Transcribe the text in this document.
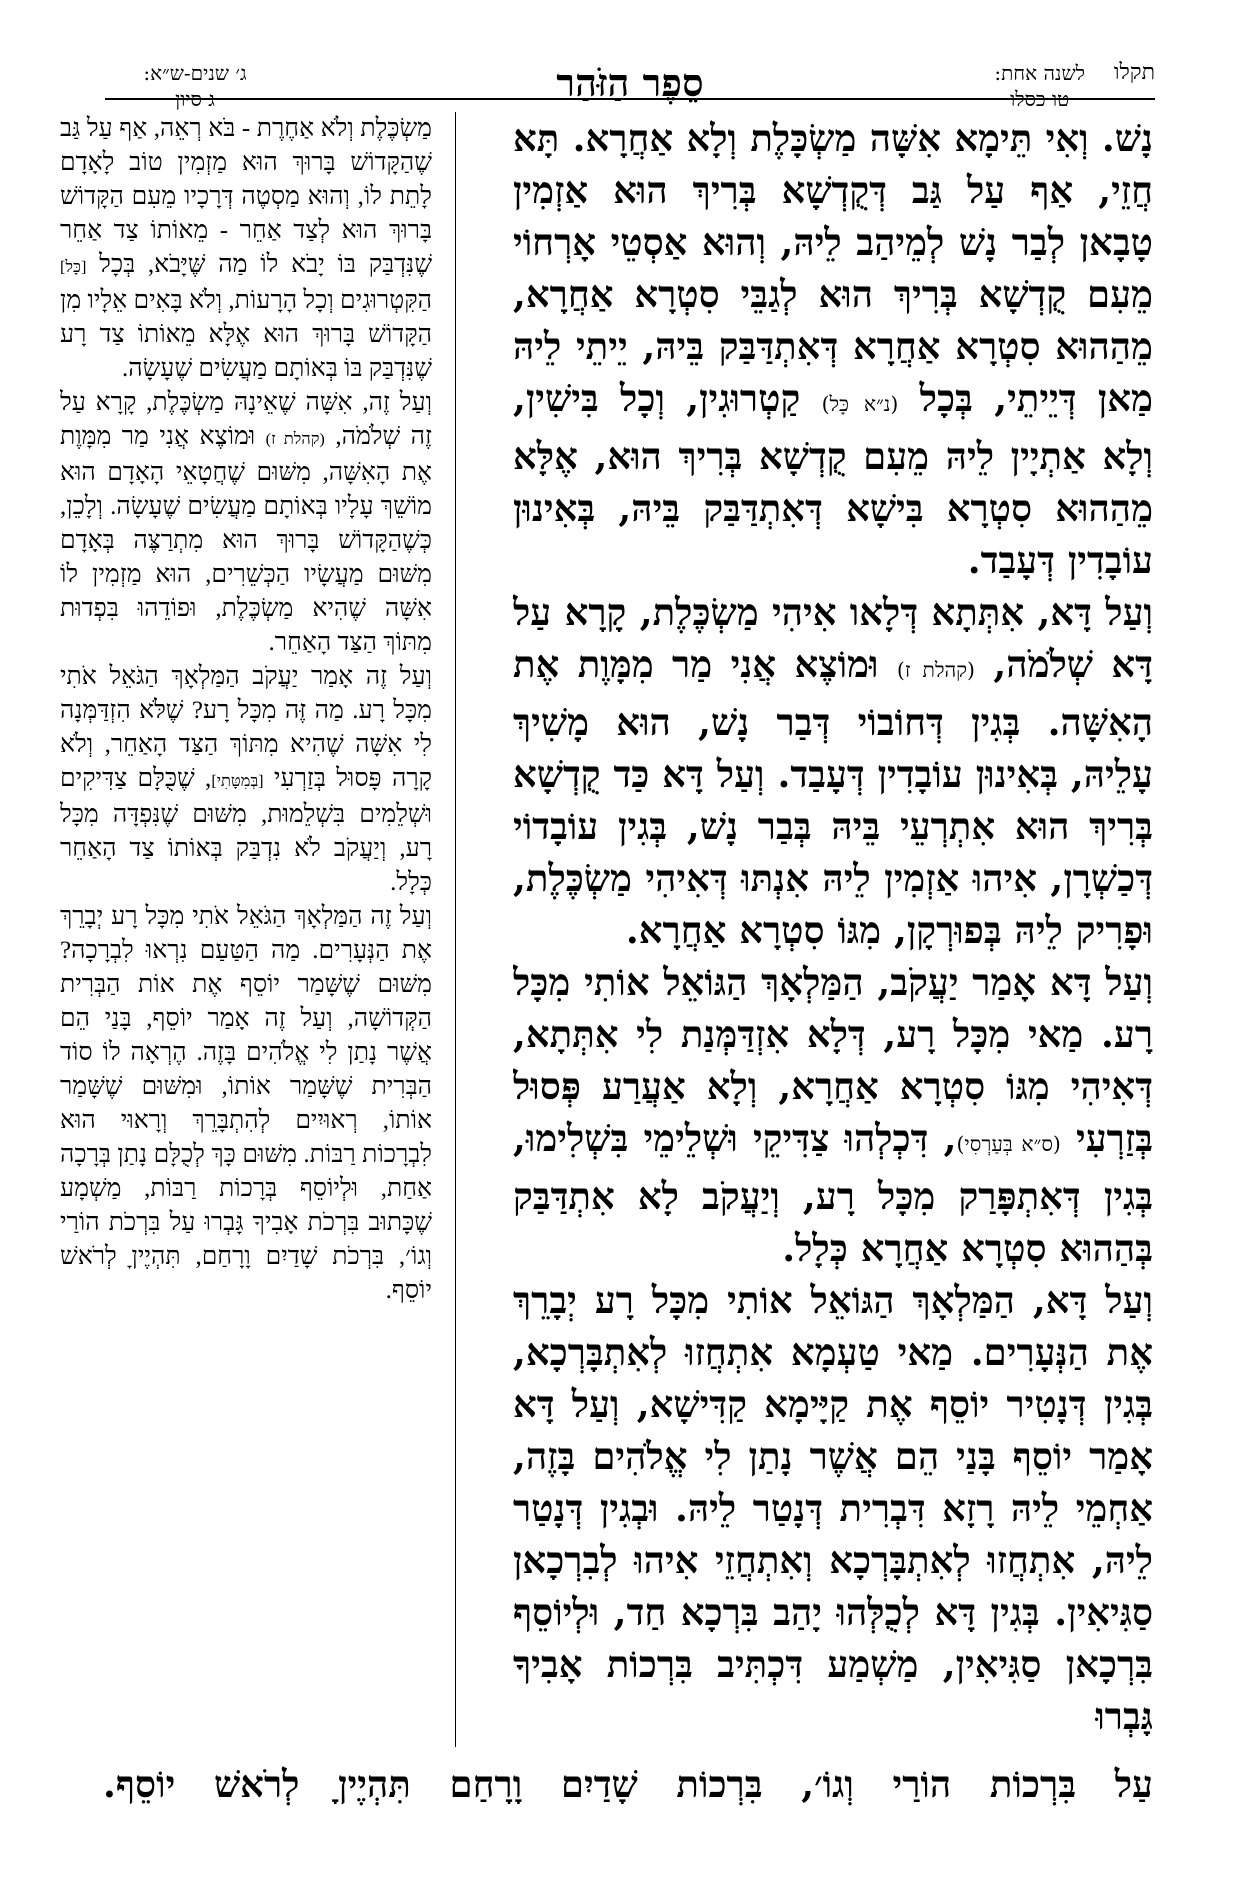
תקלו
לשנה אחת:
טו כסלו
סֵפֶר הַזֹּהַר
ג׳ שנים-ש״א:
ג סיון

נָשׁ. וְאִי תֵּימָא אִשָּׁה מַשְׂכָּלֶת וְלָא אַחֲרָא. תָּא חֲזֵי, אַף עַל גַּב דְּקֻדְשָׁא בְּרִיךְ הוּא אַזְמִין טָבָאן לְבַר נָשׁ לְמֵיהַב לֵיהּ, וְהוּא אַסְטֵי אָרְחוֹי מֵעִם קֻדְשָׁא בְּרִיךְ הוּא לְגַבֵּי סִטְרָא אַחֲרָא, מֵהַהוּא סִטְרָא אַחֲרָא דְּאִתְדַּבַּק בֵּיהּ, יֵיתֵי לֵיהּ מַאן דְּיֵיתֵי, בְּכָל (נ״א כָּל) קַטְרוּגִין, וְכָל בִּישִׁין, וְלָא אַתְיָין לֵיהּ מֵעִם קֻדְשָׁא בְּרִיךְ הוּא, אֶלָּא מֵהַהוּא סִטְרָא בִּישָׁא דְּאִתְדַּבַּק בֵּיהּ, בְּאִינוּן עוֹבָדִין דְּעָבַד.

וְעַל דָּא, אִתְּתָא דְּלָאו אִיהִי מַשְׂכֶּלֶת, קָרָא עַל דָּא שְׁלֹמֹה, (קהלת ז) וּמוֹצֶא אֲנִי מַר מִמָּוֶת אֶת הָאִשָּׁה. בְּגִין דְּחוֹבוֹי דְּבַר נָשׁ, הוּא מָשִׁיךְ עָלֵיהּ, בְּאִינוּן עוֹבָדִין דְּעָבַד. וְעַל דָּא כַּד קֻדְשָׁא בְּרִיךְ הוּא אִתְרְעֵי בֵּיהּ בְּבַר נָשׁ, בְּגִין עוֹבָדוֹי דְּכַשְׁרָן, אִיהוּ אַזְמִין לֵיהּ אִנְתּוּ דְּאִיהִי מַשְׂכֶּלֶת, וּפָרִיק לֵיהּ בְּפוּרְקָן, מִגּוֹ סִטְרָא אַחֲרָא.

וְעַל דָּא אָמַר יַעֲקֹב, הַמַּלְאָךְ הַגּוֹאֵל אוֹתִי מִכָּל רָע. מַאי מִכָּל רָע, דְּלָא אִזְדַּמְּנַת לִי אִתְּתָא, דְּאִיהִי מִגּוֹ סִטְרָא אַחֲרָא, וְלָא אַעֲרַע פְּסוּל בְּזַרְעִי (ס״א בְּעַרְסִי), דִּכְלְהוּ צַדִּיקֵי וּשְׁלֵימֵי בִּשְׁלִימוּ, בְּגִין דְּאִתְפָּרַק מִכָּל רָע, וְיַעֲקֹב לָא אִתְדַּבַּק בְּהַהוּא סִטְרָא אַחֲרָא כְּלָל.

וְעַל דָּא, הַמַּלְאָךְ הַגּוֹאֵל אוֹתִי מִכָּל רָע יְבָרֵךְ אֶת הַנְּעָרִים. מַאי טַעְמָא אִתְחֲזוּ לְאִתְבָּרְכָא, בְּגִין דְּנָטִיר יוֹסֵף אֶת קַיָּימָא קַדִּישָׁא, וְעַל דָּא אָמַר יוֹסֵף בָּנַי הֵם אֲשֶׁר נָתַן לִי אֱלֹהִים בָּזֶה, אַחְמֵי לֵיהּ רָזָא דִּבְרִית דְּנָטַר לֵיהּ. וּבְגִין דְּנָטַר לֵיהּ, אִתְחֲזוּ לְאִתְבָּרְכָא וְאִתְחֲזֵי אִיהוּ לְבִרְכָאן סַגִּיאִין. בְּגִין דָּא לְכֻלְּהוּ יָהַב בִּרְכָא חַד, וּלְיוֹסֵף בִּרְכָאן סַגִּיאִין, מַשְׁמַע דִּכְתִּיב בִּרְכוֹת אָבִיךָ גָּבְרוּ

מַשְׂכֶּלֶת וְלֹא אַחֶרֶת - בֹּא רְאֵה, אַף עַל גַּב שֶׁהַקָּדוֹשׁ בָּרוּךְ הוּא מַזְמִין טוֹב לָאָדָם לָתֵת לוֹ, וְהוּא מַסְטֶה דְּרָכָיו מֵעִם הַקָּדוֹשׁ בָּרוּךְ הוּא לְצַד אַחֵר - מֵאוֹתוֹ צַד אַחֵר שֶׁנִּדְבַּק בּוֹ יָבֹא לוֹ מַה שֶּׁיָּבֹא, בְּכָל [כָּל] הַקִּטְרוּגִים וְכָל הָרָעוֹת, וְלֹא בָּאִים אֵלָיו מִן הַקָּדוֹשׁ בָּרוּךְ הוּא אֶלָּא מֵאוֹתוֹ צַד רָע שֶׁנִּדְבַּק בּוֹ בְּאוֹתָם מַעֲשִׂים שֶׁעָשָׂה.

וְעַל זֶה, אִשָּׁה שֶׁאֵינָהּ מַשְׂכֶּלֶת, קָרָא עַל זֶה שְׁלֹמֹה, (קהלת ז) וּמוֹצֶא אֲנִי מַר מִמָּוֶת אֶת הָאִשָּׁה, מִשּׁוּם שֶׁחֲטָאֵי הָאָדָם הוּא מוֹשֵׁךְ עָלָיו בְּאוֹתָם מַעֲשִׂים שֶׁעָשָׂה. וְלָכֵן, כְּשֶׁהַקָּדוֹשׁ בָּרוּךְ הוּא מִתְרַצֶּה בְּאָדָם מִשּׁוּם מַעֲשָׂיו הַכְּשֵׁרִים, הוּא מַזְמִין לוֹ אִשָּׁה שֶׁהִיא מַשְׂכֶּלֶת, וּפוֹדֵהוּ בִּפְדוּת מִתּוֹךְ הַצַּד הָאַחֵר.

וְעַל זֶה אָמַר יַעֲקֹב הַמַּלְאָךְ הַגֹּאֵל אֹתִי מִכָּל רָע. מַה זֶּה מִכָּל רָע? שֶׁלֹּא הִזְדַּמְּנָה לִי אִשָּׁה שֶׁהִיא מִתּוֹךְ הַצַּד הָאַחֵר, וְלֹא קָרָה פָּסוּל בְּזַרְעִי [בְּמִטָּתִי], שֶׁכֻּלָּם צַדִּיקִים וּשְׁלֵמִים בִּשְׁלֵמוּת, מִשּׁוּם שֶׁנִּפְדָּה מִכָּל רָע, וְיַעֲקֹב לֹא נִדְבַּק בְּאוֹתוֹ צַד הָאַחֵר כְּלָל.

וְעַל זֶה הַמַּלְאָךְ הַגֹּאֵל אֹתִי מִכָּל רָע יְבָרֵךְ אֶת הַנְּעָרִים. מַה הַטַּעַם נִרְאוּ לִבְרָכָה? מִשּׁוּם שֶׁשָּׁמַר יוֹסֵף אֶת אוֹת הַבְּרִית הַקְּדוֹשָׁה, וְעַל זֶה אָמַר יוֹסֵף, בָּנַי הֵם אֲשֶׁר נָתַן לִי אֱלֹהִים בָּזֶה. הֶרְאָה לוֹ סוֹד הַבְּרִית שֶׁשָּׁמַר אוֹתוֹ, וּמִשּׁוּם שֶׁשָּׁמַר אוֹתוֹ, רְאוּיִים לְהִתְבָּרֵךְ וְרָאוּי הוּא לִבְרָכוֹת רַבּוֹת. מִשּׁוּם כָּךְ לְכֻלָּם נָתַן בְּרָכָה אַחַת, וּלְיוֹסֵף בְּרָכוֹת רַבּוֹת, מַשְׁמָע שֶׁכָּתוּב בִּרְכֹת אָבִיךָ גָּבְרוּ עַל בִּרְכֹת הוֹרַי וְגוֹ׳, בִּרְכֹת שָׁדַיִם וָרָחַם, תִּהְיֶיןָ לְרֹאשׁ יוֹסֵף.

עַל בִּרְכוֹת הוֹרַי וְגוֹ׳, בִּרְכוֹת שָׁדַיִם וָרָחַם תִּהְיֶיןָ לְרֹאשׁ יוֹסֵף.
